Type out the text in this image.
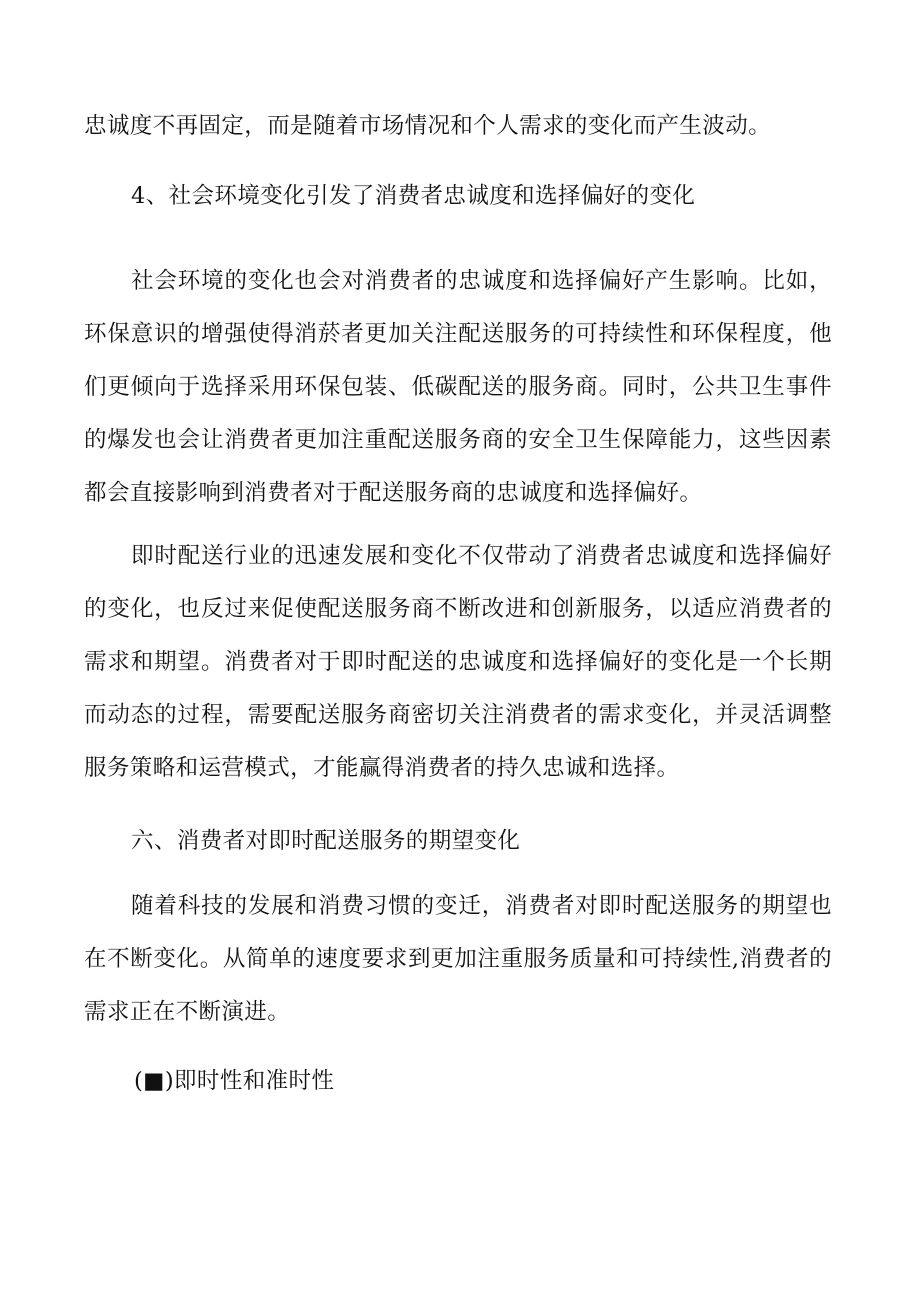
忠诚度不再固定，而是随着市场情况和个人需求的变化而产生波动。
4、社会环境变化引发了消费者忠诚度和选择偏好的变化
社会环境的变化也会对消费者的忠诚度和选择偏好产生影响。比如，
环保意识的增强使得消菸者更加关注配送服务的可持续性和环保程度，他
们更倾向于选择采用环保包装、低碳配送的服务商。同时，公共卫生事件
的爆发也会让消费者更加注重配送服务商的安全卫生保障能力，这些因素
都会直接影响到消费者对于配送服务商的忠诚度和选择偏好。
即时配送行业的迅速发展和变化不仅带动了消费者忠诚度和选择偏好
的变化，也反过来促使配送服务商不断改进和创新服务，以适应消费者的
需求和期望。消费者对于即时配送的忠诚度和选择偏好的变化是一个长期
而动态的过程，需要配送服务商密切关注消费者的需求变化，并灵活调整
服务策略和运营模式，才能赢得消费者的持久忠诚和选择。
六、消费者对即时配送服务的期望变化
随着科技的发展和消费习惯的变迁，消费者对即时配送服务的期望也
在不断变化。从简单的速度要求到更加注重服务质量和可持续性,消费者的
需求正在不断演进。
(■)即时性和准时性
